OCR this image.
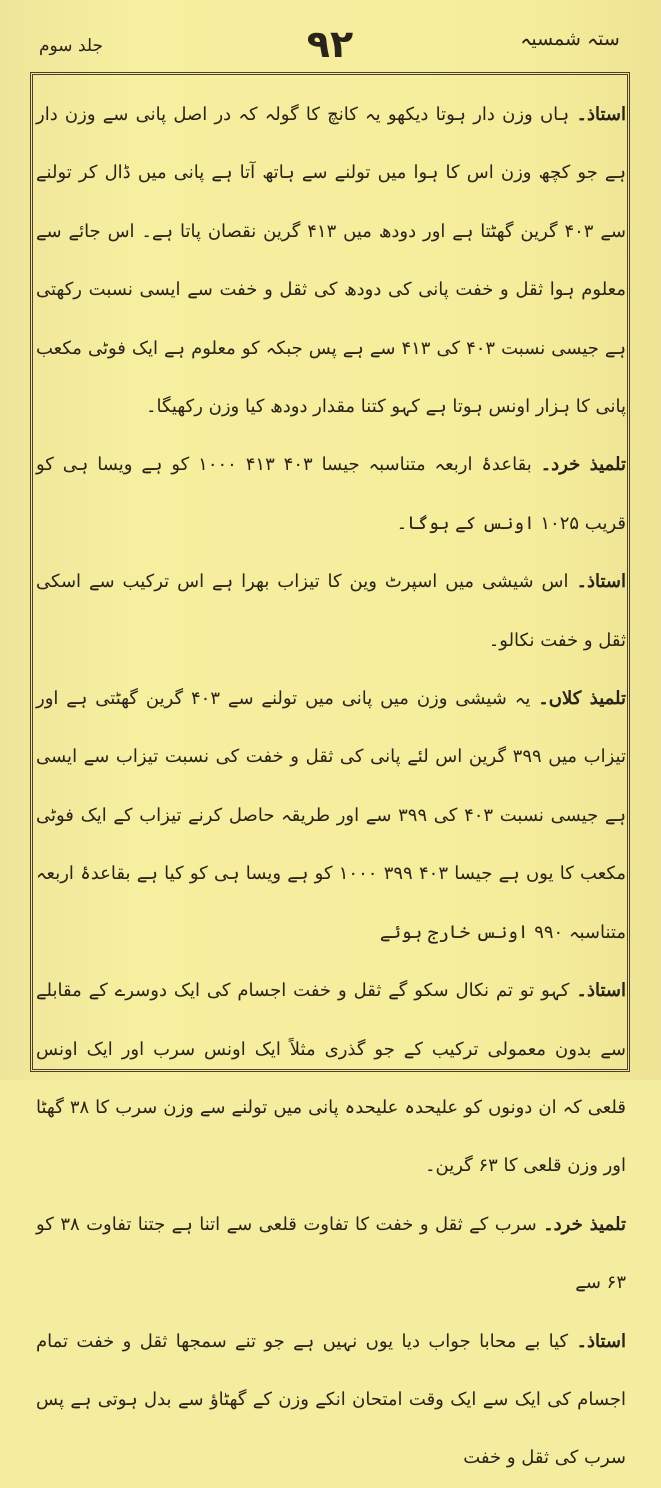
جلد سوم	۹۲	ستہ شمسیہ

استاذ۔ ہاں وزن دار ہوتا دیکھو یہ کانچ کا گولہ کہ در اصل پانی سے وزن دار ہے جو کچھ وزن اس کا ہوا میں تولنے سے ہاتھ آتا ہے پانی میں ڈال کر تولنے سے ۴۰۳ گرین گھٹتا ہے اور دودھ میں ۴۱۳ گرین نقصان پاتا ہے۔ اس جائے سے معلوم ہوا ثقل و خفت پانی کی دودھ کی ثقل و خفت سے ایسی نسبت رکھتی ہے جیسی نسبت ۴۰۳ کی ۴۱۳ سے ہے پس جبکہ کو معلوم ہے ایک فوٹی مکعب پانی کا ہزار اونس ہوتا ہے کہو کتنا مقدار دودھ کیا وزن رکھیگا۔

تلمیذ خرد۔ بقاعدۂ اربعہ متناسبہ جیسا ۴۰۳ ۴۱۳ ۱۰۰۰ کو ہے ویسا ہی کو قریب ۱۰۲۵ اونس کے ہوگا۔

استاذ۔ اس شیشی میں اسپرٹ وین کا تیزاب بھرا ہے اس ترکیب سے اسکی ثقل و خفت نکالو۔

تلمیذ کلاں۔ یہ شیشی وزن میں پانی میں تولنے سے ۴۰۳ گرین گھٹتی ہے اور تیزاب میں ۳۹۹ گرین اس لئے پانی کی ثقل و خفت کی نسبت تیزاب سے ایسی ہے جیسی نسبت ۴۰۳ کی ۳۹۹ سے اور طریقہ حاصل کرنے تیزاب کے ایک فوٹی مکعب کا یوں ہے جیسا ۴۰۳ ۳۹۹ ۱۰۰۰ کو ہے ویسا ہی کو کیا ہے بقاعدۂ اربعہ متناسبہ ۹۹۰ اونس خارج ہوئے

استاذ۔ کہو تو تم نکال سکو گے ثقل و خفت اجسام کی ایک دوسرے کے مقابلے سے بدون معمولی ترکیب کے جو گذری مثلاً ایک اونس سرب اور ایک اونس قلعی کہ ان دونوں کو علیحدہ علیحدہ پانی میں تولنے سے وزن سرب کا ۳۸ گھٹا اور وزن قلعی کا ۶۳ گرین۔

تلمیذ خرد۔ سرب کے ثقل و خفت کا تفاوت قلعی سے اتنا ہے جتنا تفاوت ۳۸ کو ۶۳ سے

استاذ۔ کیا بے محابا جواب دیا یوں نہیں ہے جو تنے سمجھا ثقل و خفت تمام اجسام کی ایک سے ایک وقت امتحان انکے وزن کے گھٹاؤ سے بدل ہوتی ہے پس سرب کی ثقل و خفت
